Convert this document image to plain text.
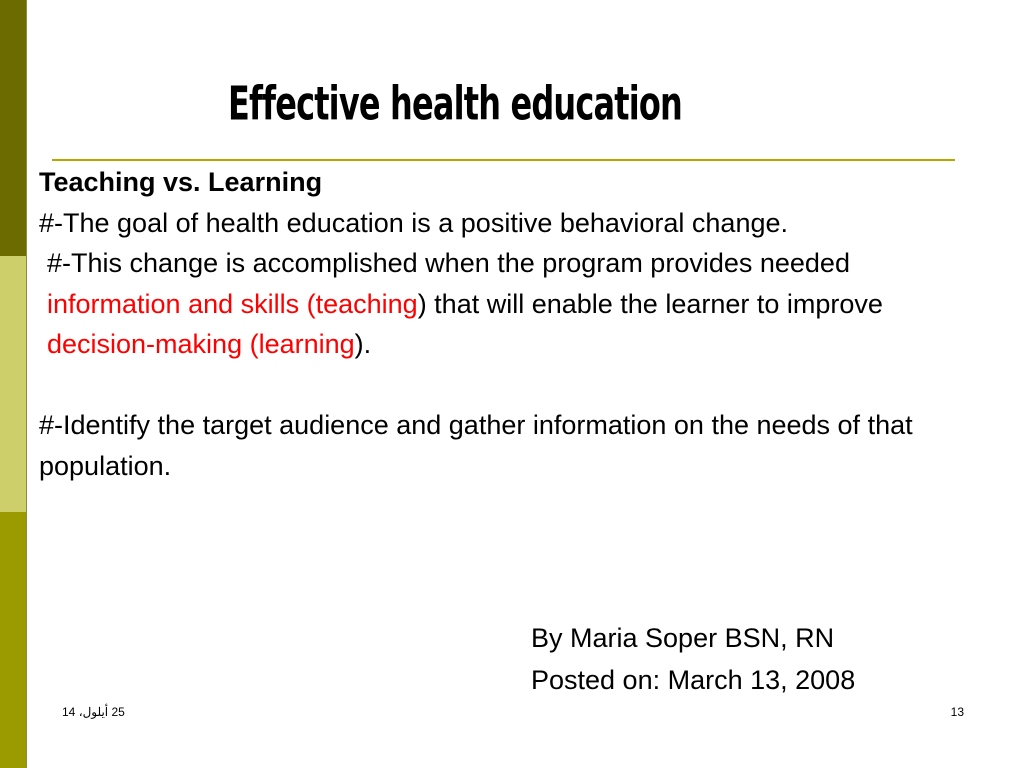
Effective health education

Teaching vs. Learning

#-The goal of health education is a positive behavioral change.

#-This change is accomplished when the program provides needed information and skills (teaching) that will enable the learner to improve decision-making (learning).

#-Identify the target audience and gather information on the needs of that population.

By Maria Soper BSN, RN
Posted on: March 13, 2008
25 أيلول، 14	13
